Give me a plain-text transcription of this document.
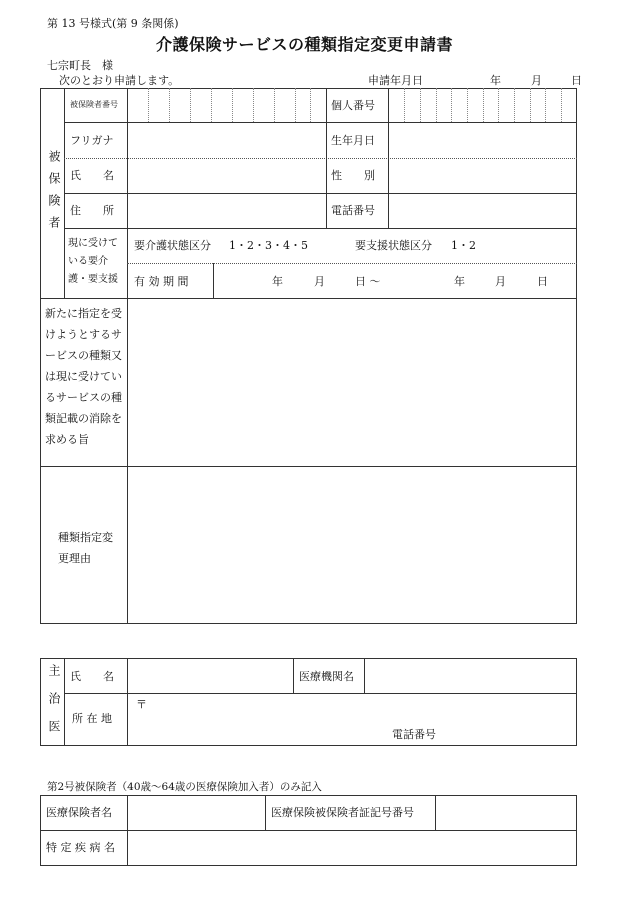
第 13 号様式(第 9 条関係)
介護保険サービスの種類指定変更申請書
七宗町長　様
次のとおり申請します。	申請年月日	年	月	日
被保険者
被保険者番号	個人番号
フリガナ	生年月日
氏　　名	性　　別
住　　所	電話番号
現に受けている要介護・要支援
要介護状態区分 1・2・3・4・5	要支援状態区分 1・2
有 効 期 間	年	月	日 ～	年	月	日
新たに指定を受けようとするサービスの種類又は現に受けているサービスの種類記載の消除を求める旨
種類指定変更理由
主治医 氏　　名	医療機関名
所 在 地
〒
電話番号
第2号被保険者（40歳～64歳の医療保険加入者）のみ記入
医療保険者名	医療保険被保険者証記号番号
特 定 疾 病 名
